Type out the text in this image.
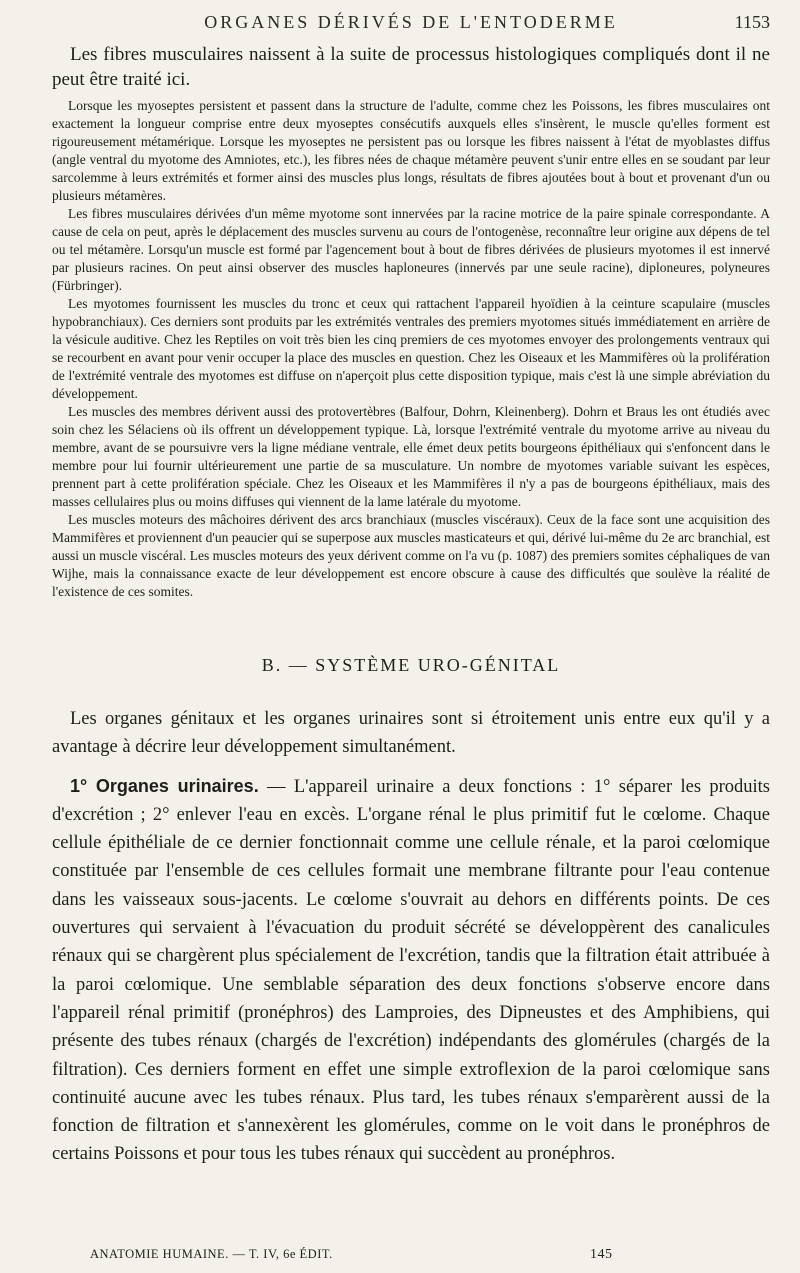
ORGANES DÉRIVÉS DE L'ENTODERME	1153

Les fibres musculaires naissent à la suite de processus histologiques compliqués dont il ne peut être traité ici.

Lorsque les myoseptes persistent et passent dans la structure de l'adulte, comme chez les Poissons, les fibres musculaires ont exactement la longueur comprise entre deux myoseptes consécutifs auxquels elles s'insèrent, le muscle qu'elles forment est rigoureusement métamérique. Lorsque les myoseptes ne persistent pas ou lorsque les fibres naissent à l'état de myoblastes diffus (angle ventral du myotome des Amniotes, etc.), les fibres nées de chaque métamère peuvent s'unir entre elles en se soudant par leur sarcolemme à leurs extrémités et former ainsi des muscles plus longs, résultats de fibres ajoutées bout à bout et provenant d'un ou plusieurs métamères.

Les fibres musculaires dérivées d'un même myotome sont innervées par la racine motrice de la paire spinale correspondante. A cause de cela on peut, après le déplacement des muscles survenu au cours de l'ontogenèse, reconnaître leur origine aux dépens de tel ou tel métamère. Lorsqu'un muscle est formé par l'agencement bout à bout de fibres dérivées de plusieurs myotomes il est innervé par plusieurs racines. On peut ainsi observer des muscles haploneures (innervés par une seule racine), diploneures, polyneures (Fürbringer).

Les myotomes fournissent les muscles du tronc et ceux qui rattachent l'appareil hyoïdien à la ceinture scapulaire (muscles hypobranchiaux). Ces derniers sont produits par les extrémités ventrales des premiers myotomes situés immédiatement en arrière de la vésicule auditive. Chez les Reptiles on voit très bien les cinq premiers de ces myotomes envoyer des prolongements ventraux qui se recourbent en avant pour venir occuper la place des muscles en question. Chez les Oiseaux et les Mammifères où la prolifération de l'extrémité ventrale des myotomes est diffuse on n'aperçoit plus cette disposition typique, mais c'est là une simple abréviation du développement.

Les muscles des membres dérivent aussi des protovertèbres (Balfour, Dohrn, Kleinenberg). Dohrn et Braus les ont étudiés avec soin chez les Sélaciens où ils offrent un développement typique. Là, lorsque l'extrémité ventrale du myotome arrive au niveau du membre, avant de se poursuivre vers la ligne médiane ventrale, elle émet deux petits bourgeons épithéliaux qui s'enfoncent dans le membre pour lui fournir ultérieurement une partie de sa musculature. Un nombre de myotomes variable suivant les espèces, prennent part à cette prolifération spéciale. Chez les Oiseaux et les Mammifères il n'y a pas de bourgeons épithéliaux, mais des masses cellulaires plus ou moins diffuses qui viennent de la lame latérale du myotome.

Les muscles moteurs des mâchoires dérivent des arcs branchiaux (muscles viscéraux). Ceux de la face sont une acquisition des Mammifères et proviennent d'un peaucier qui se superpose aux muscles masticateurs et qui, dérivé lui-même du 2e arc branchial, est aussi un muscle viscéral. Les muscles moteurs des yeux dérivent comme on l'a vu (p. 1087) des premiers somites céphaliques de van Wijhe, mais la connaissance exacte de leur développement est encore obscure à cause des difficultés que soulève la réalité de l'existence de ces somites.

B. — SYSTÈME URO-GÉNITAL

Les organes génitaux et les organes urinaires sont si étroitement unis entre eux qu'il y a avantage à décrire leur développement simultanément.

1° Organes urinaires. — L'appareil urinaire a deux fonctions : 1° séparer les produits d'excrétion ; 2° enlever l'eau en excès. L'organe rénal le plus primitif fut le cœlome. Chaque cellule épithéliale de ce dernier fonctionnait comme une cellule rénale, et la paroi cœlomique constituée par l'ensemble de ces cellules formait une membrane filtrante pour l'eau contenue dans les vaisseaux sous-jacents. Le cœlome s'ouvrait au dehors en différents points. De ces ouvertures qui servaient à l'évacuation du produit sécrété se développèrent des canalicules rénaux qui se chargèrent plus spécialement de l'excrétion, tandis que la filtration était attribuée à la paroi cœlomique. Une semblable séparation des deux fonctions s'observe encore dans l'appareil rénal primitif (pronéphros) des Lamproies, des Dipneustes et des Amphibiens, qui présente des tubes rénaux (chargés de l'excrétion) indépendants des glomérules (chargés de la filtration). Ces derniers forment en effet une simple extroflexion de la paroi cœlomique sans continuité aucune avec les tubes rénaux. Plus tard, les tubes rénaux s'emparèrent aussi de la fonction de filtration et s'annexèrent les glomérules, comme on le voit dans le pronéphros de certains Poissons et pour tous les tubes rénaux qui succèdent au pronéphros.

ANATOMIE HUMAINE. — T. IV, 6e ÉDIT.	145
